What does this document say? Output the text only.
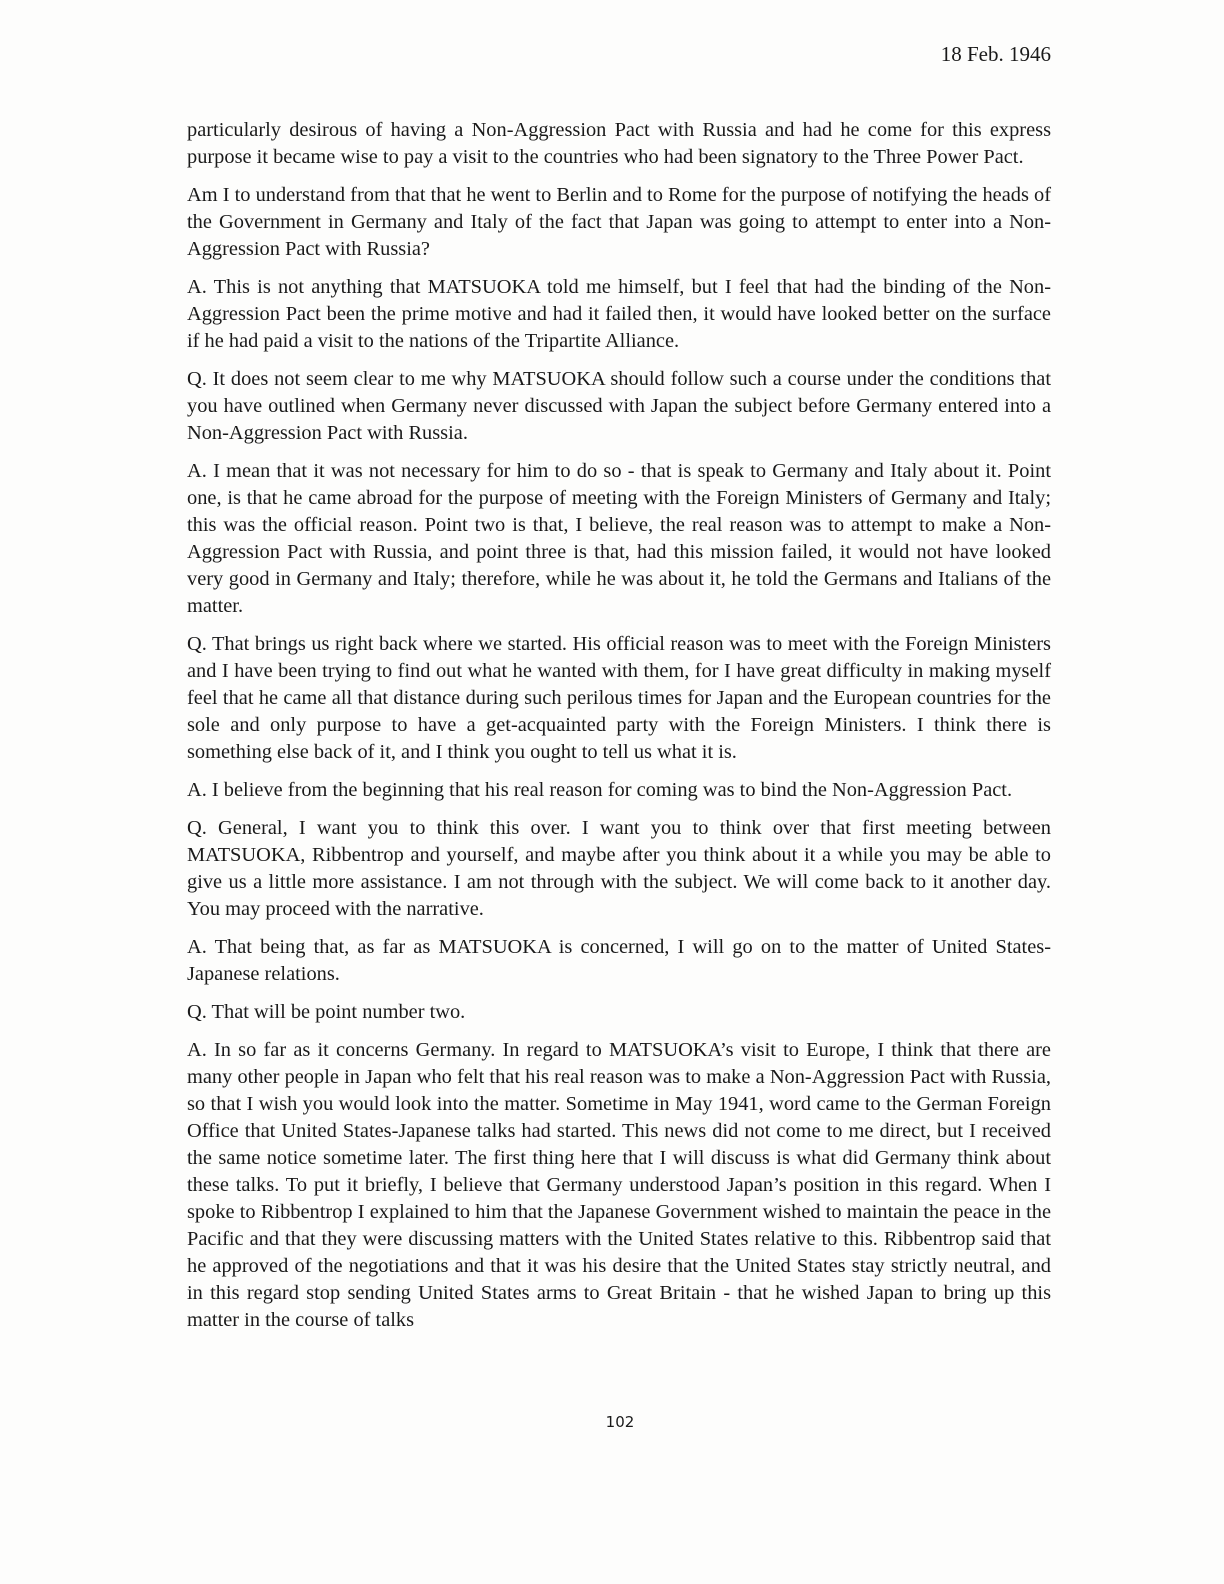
18 Feb. 1946

particularly desirous of having a Non-Aggression Pact with Russia and had he come for this express purpose it became wise to pay a visit to the countries who had been signatory to the Three Power Pact.

Am I to understand from that that he went to Berlin and to Rome for the purpose of notifying the heads of the Government in Germany and Italy of the fact that Japan was going to attempt to enter into a Non-Aggression Pact with Russia?

A. This is not anything that MATSUOKA told me himself, but I feel that had the binding of the Non-Aggression Pact been the prime motive and had it failed then, it would have looked better on the surface if he had paid a visit to the nations of the Tripartite Alliance.

Q. It does not seem clear to me why MATSUOKA should follow such a course under the conditions that you have outlined when Germany never discussed with Japan the subject before Germany entered into a Non-Aggression Pact with Russia.

A. I mean that it was not necessary for him to do so - that is speak to Germany and Italy about it. Point one, is that he came abroad for the purpose of meeting with the Foreign Ministers of Germany and Italy; this was the official reason. Point two is that, I believe, the real reason was to attempt to make a Non-Aggression Pact with Russia, and point three is that, had this mission failed, it would not have looked very good in Germany and Italy; therefore, while he was about it, he told the Germans and Italians of the matter.

Q. That brings us right back where we started. His official reason was to meet with the Foreign Ministers and I have been trying to find out what he wanted with them, for I have great difficulty in making myself feel that he came all that distance during such perilous times for Japan and the European countries for the sole and only purpose to have a get-acquainted party with the Foreign Ministers. I think there is something else back of it, and I think you ought to tell us what it is.

A. I believe from the beginning that his real reason for coming was to bind the Non-Aggression Pact.

Q. General, I want you to think this over. I want you to think over that first meeting between MATSUOKA, Ribbentrop and yourself, and maybe after you think about it a while you may be able to give us a little more assistance. I am not through with the subject. We will come back to it another day. You may proceed with the narrative.

A. That being that, as far as MATSUOKA is concerned, I will go on to the matter of United States-Japanese relations.

Q. That will be point number two.

A. In so far as it concerns Germany. In regard to MATSUOKA’s visit to Europe, I think that there are many other people in Japan who felt that his real reason was to make a Non-Aggression Pact with Russia, so that I wish you would look into the matter. Sometime in May 1941, word came to the German Foreign Office that United States-Japanese talks had started. This news did not come to me direct, but I received the same notice sometime later. The first thing here that I will discuss is what did Germany think about these talks. To put it briefly, I believe that Germany understood Japan’s position in this regard. When I spoke to Ribbentrop I explained to him that the Japanese Government wished to maintain the peace in the Pacific and that they were discussing matters with the United States relative to this. Ribbentrop said that he approved of the negotiations and that it was his desire that the United States stay strictly neutral, and in this regard stop sending United States arms to Great Britain - that he wished Japan to bring up this matter in the course of talks

102
